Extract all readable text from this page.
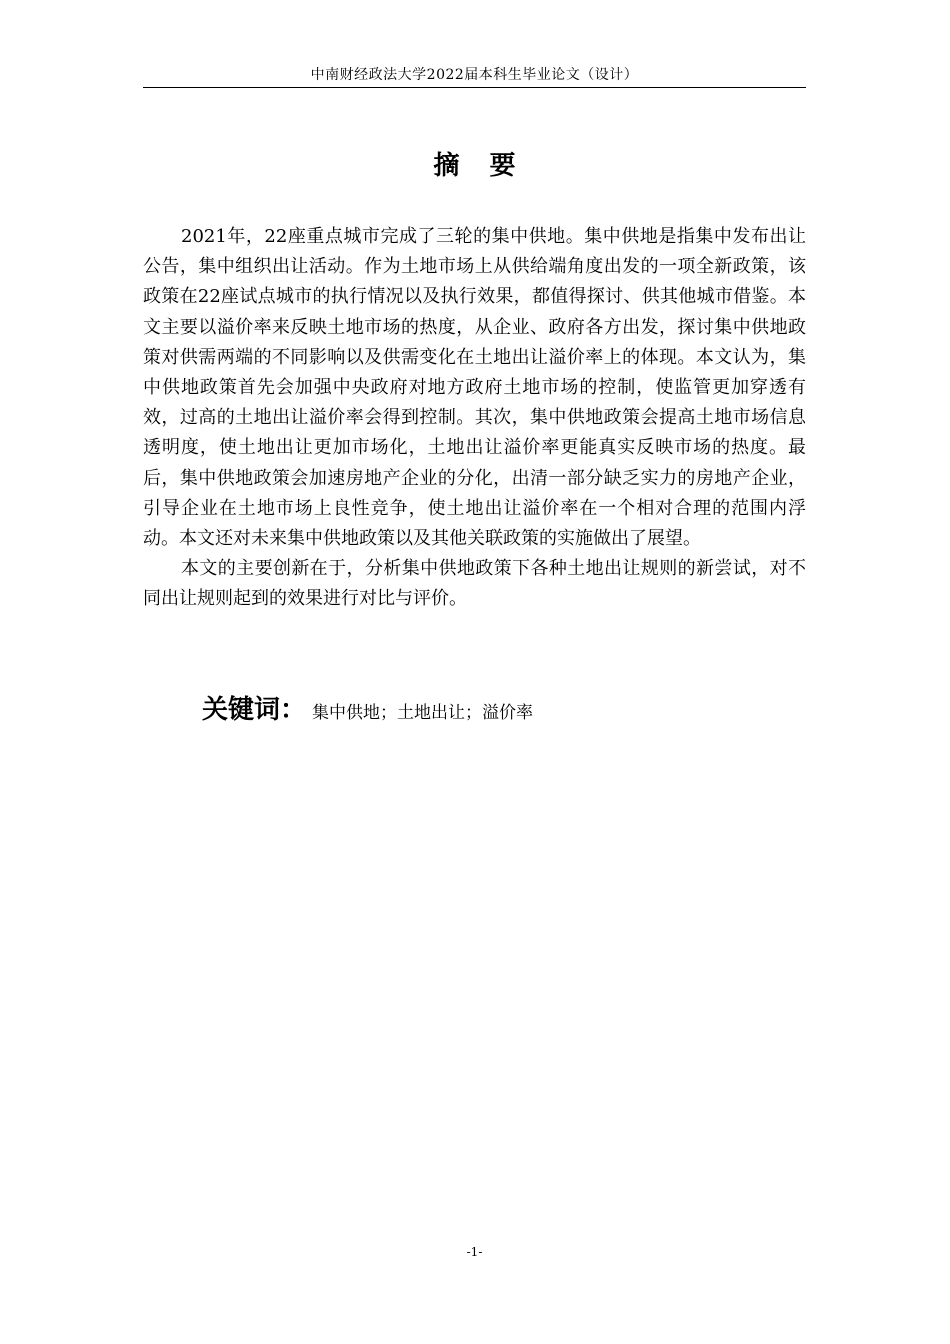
中南财经政法大学2022届本科生毕业论文（设计）
摘要

2021年，22座重点城市完成了三轮的集中供地。集中供地是指集中发布出让公告，集中组织出让活动。作为土地市场上从供给端角度出发的一项全新政策，该政策在22座试点城市的执行情况以及执行效果，都值得探讨、供其他城市借鉴。本文主要以溢价率来反映土地市场的热度，从企业、政府各方出发，探讨集中供地政策对供需两端的不同影响以及供需变化在土地出让溢价率上的体现。本文认为，集中供地政策首先会加强中央政府对地方政府土地市场的控制，使监管更加穿透有效，过高的土地出让溢价率会得到控制。其次，集中供地政策会提高土地市场信息透明度，使土地出让更加市场化，土地出让溢价率更能真实反映市场的热度。最后，集中供地政策会加速房地产企业的分化，出清一部分缺乏实力的房地产企业，引导企业在土地市场上良性竞争，使土地出让溢价率在一个相对合理的范围内浮动。本文还对未来集中供地政策以及其他关联政策的实施做出了展望。

本文的主要创新在于，分析集中供地政策下各种土地出让规则的新尝试，对不同出让规则起到的效果进行对比与评价。

关键词： 集中供地；土地出让；溢价率
-1-
